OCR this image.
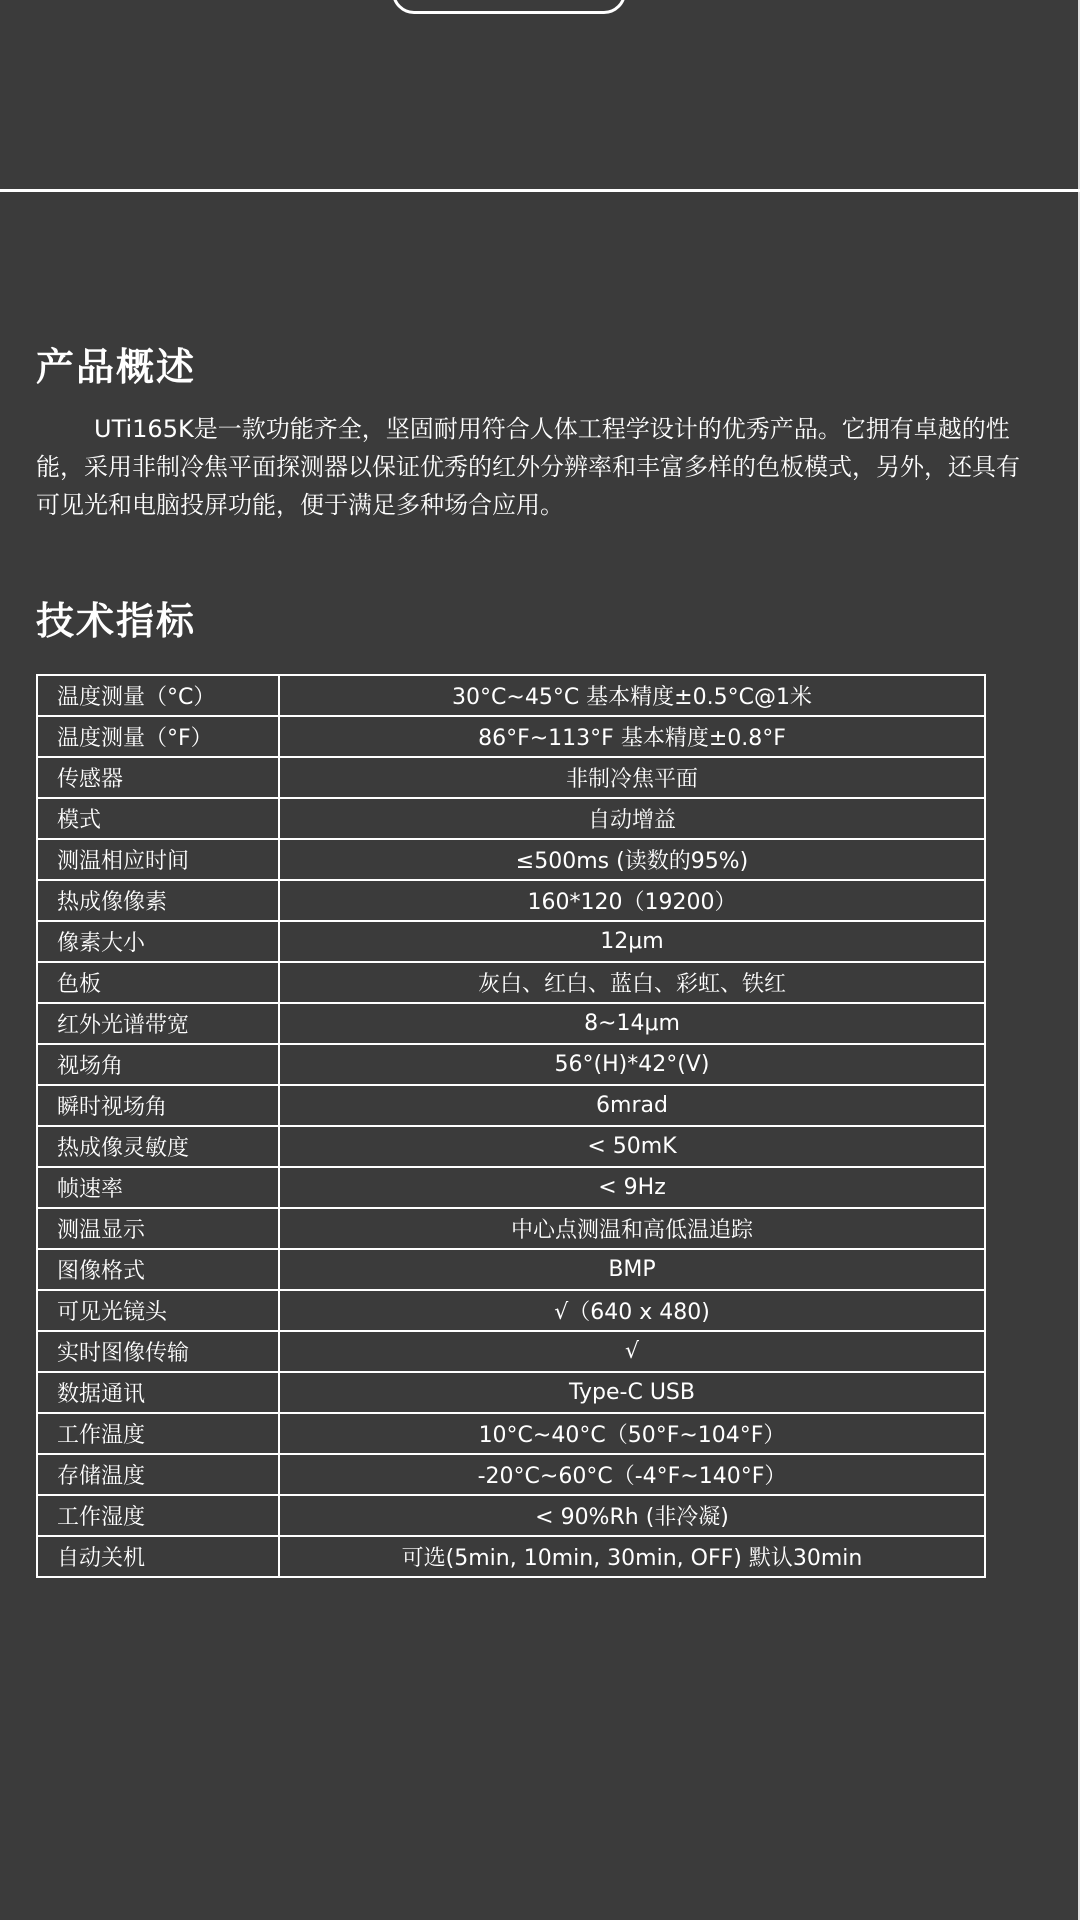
产品概述

UTi165K是一款功能齐全，坚固耐用符合人体工程学设计的优秀产品。它拥有卓越的性能，采用非制冷焦平面探测器以保证优秀的红外分辨率和丰富多样的色板模式，另外，还具有可见光和电脑投屏功能，便于满足多种场合应用。

技术指标
温度测量（°C）	30°C~45°C 基本精度±0.5°C@1米
温度测量（°F）	86°F~113°F 基本精度±0.8°F
传感器	非制冷焦平面
模式	自动增益
测温相应时间	≤500ms (读数的95%)
热成像像素	160*120（19200）
像素大小	12μm
色板	灰白、红白、蓝白、彩虹、铁红
红外光谱带宽	8~14μm
视场角	56°(H)*42°(V)
瞬时视场角	6mrad
热成像灵敏度	< 50mK
帧速率	< 9Hz
测温显示	中心点测温和高低温追踪
图像格式	BMP
可见光镜头	√（640 x 480)
实时图像传输	√
数据通讯	Type-C USB
工作温度	10°C~40°C（50°F~104°F）
存储温度	-20°C~60°C（-4°F~140°F）
工作湿度	< 90%Rh (非冷凝)
自动关机	可选(5min, 10min, 30min, OFF) 默认30min
